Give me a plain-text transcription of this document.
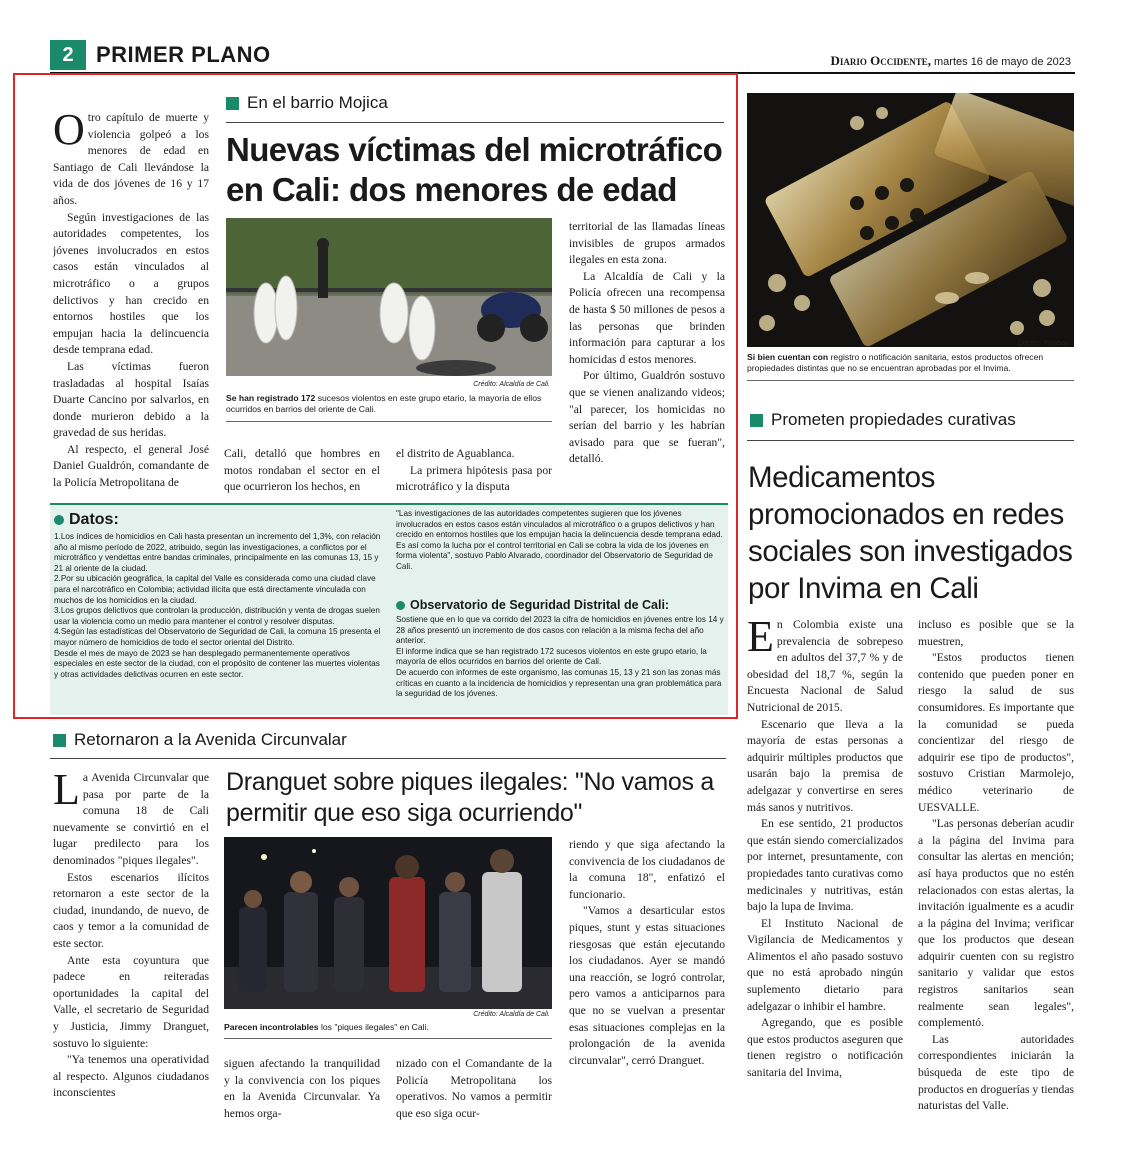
2	PRIMER PLANO	Diario Occidente, martes 16 de mayo de 2023
En el barrio Mojica
Nuevas víctimas del microtráfico
en Cali: dos menores de edad

Otro capítulo de muerte y violencia golpeó a los menores de edad en Santiago de Cali llevándose la vida de dos jóvenes de 16 y 17 años.

Según investigaciones de las autoridades competentes, los jóvenes involucrados en estos casos están vinculados al microtráfico o a grupos delictivos y han crecido en entornos hostiles que los empujan hacia la delincuencia desde temprana edad.

Las víctimas fueron trasladadas al hospital Isaías Duarte Cancino por salvarlos, en donde murieron debido a la gravedad de sus heridas.

Al respecto, el general José Daniel Gualdrón, comandante de la Policía Metropolitana de

Crédito: Alcaldía de Cali.
Se han registrado 172 sucesos violentos en este grupo etario, la mayoría de ellos ocurridos en barrios del oriente de Cali.

Cali, detalló que hombres en motos rondaban el sector en el que ocurrieron los hechos, en

el distrito de Aguablanca.

La primera hipótesis pasa por microtráfico y la disputa

territorial de las llamadas líneas invisibles de grupos armados ilegales en esta zona.

La Alcaldía de Cali y la Policía ofrecen una recompensa de hasta $ 50 millones de pesos a las personas que brinden información para capturar a los homicidas d estos menores.

Por último, Gualdrón sostuvo que se vienen analizando videos; "al parecer, los homicidas no serían del barrio y les habrían avisado para que se fueran", detalló.

Datos:
1.Los índices de homicidios en Cali hasta presentan un incremento del 1,3%, con relación año al mismo período de 2022, atribuido, según las investigaciones, a conflictos por el microtráfico y vendettas entre bandas criminales, principalmente en las comunas 13, 15 y 21 al oriente de la ciudad.
2.Por su ubicación geográfica, la capital del Valle es considerada como una ciudad clave para el narcotráfico en Colombia; actividad ilícita que está directamente vinculada con muchos de los homicidios en la ciudad.
3.Los grupos delictivos que controlan la producción, distribución y venta de drogas suelen usar la violencia como un medio para mantener el control y resolver disputas.
4.Según las estadísticas del Observatorio de Seguridad de Cali, la comuna 15 presenta el mayor número de homicidios de todo el sector oriental del Distrito.
Desde el mes de mayo de 2023 se han desplegado permanentemente operativos especiales en este sector de la ciudad, con el propósito de contener las muertes violentas y otras actividades delictivas ocurren en este sector.
"Las investigaciones de las autoridades competentes sugieren que los jóvenes involucrados en estos casos están vinculados al microtráfico o a grupos delictivos y han crecido en entornos hostiles que los empujan hacia la delincuencia desde temprana edad. Es así como la lucha por el control territorial en Cali se cobra la vida de los jóvenes en forma violenta", sostuvo Pablo Alvarado, coordinador del Observatorio de Seguridad de Cali.
Observatorio de Seguridad Distrital de Cali:
Sostiene que en lo que va corrido del 2023 la cifra de homicidios en jóvenes entre los 14 y 28 años presentó un incremento de dos casos con relación a la misma fecha del año anterior.
El informe indica que se han registrado 172 sucesos violentos en este grupo etario, la mayoría de ellos ocurridos en barrios del oriente de Cali.
De acuerdo con informes de este organismo, las comunas 15, 13 y 21 son las zonas más críticas en cuanto a la incidencia de homicidios y representan una gran problemática para la seguridad de los jóvenes.
Crédito: Pixabay.
Si bien cuentan con registro o notificación sanitaria, estos productos ofrecen propiedades distintas que no se encuentran aprobadas por el Invima.
Prometen propiedades curativas
Medicamentos promocionados en redes sociales son investigados por Invima en Cali

En Colombia existe una prevalencia de sobrepeso en adultos del 37,7 % y de obesidad del 18,7 %, según la Encuesta Nacional de Salud Nutricional de 2015.

Escenario que lleva a la mayoría de estas personas a adquirir múltiples productos que usarán bajo la premisa de adelgazar y convertirse en seres más sanos y nutritivos.

En ese sentido, 21 productos que están siendo comercializados por internet, presuntamente, con propiedades tanto curativas como medicinales y nutritivas, están bajo la lupa de Invima.

El Instituto Nacional de Vigilancia de Medicamentos y Alimentos el año pasado sostuvo que no está aprobado ningún suplemento dietario para adelgazar o inhibir el hambre.

Agregando, que es posible que estos productos aseguren que tienen registro o notificación sanitaria del Invima,

incluso es posible que se la muestren,

"Estos productos tienen contenido que pueden poner en riesgo la salud de sus consumidores. Es importante que la comunidad se pueda concientizar del riesgo de adquirir ese tipo de productos", sostuvo Cristian Marmolejo, médico veterinario de UESVALLE.

"Las personas deberían acudir a la página del Invima para consultar las alertas en mención; así haya productos que no estén relacionados con estas alertas, la invitación igualmente es a acudir a la página del Invima; verificar que los productos que desean adquirir cuenten con su registro sanitario y validar que estos registros sanitarios sean realmente sean legales", complementó.

Las autoridades correspondientes iniciarán la búsqueda de este tipo de productos en droguerías y tiendas naturistas del Valle.

Retornaron a la Avenida Circunvalar
Dranguet sobre piques ilegales: "No vamos a permitir que eso siga ocurriendo"

La Avenida Circunvalar que pasa por parte de la comuna 18 de Cali nuevamente se convirtió en el lugar predilecto para los denominados "piques ilegales".

Estos escenarios ilícitos retornaron a este sector de la ciudad, inundando, de nuevo, de caos y temor a la comunidad de este sector.

Ante esta coyuntura que padece en reiteradas oportunidades la capital del Valle, el secretario de Seguridad y Justicia, Jimmy Dranguet, sostuvo lo siguiente:

"Ya tenemos una operatividad al respecto. Algunos ciudadanos inconscientes

Crédito: Alcaldía de Cali.
Parecen incontrolables los "piques ilegales" en Cali.

siguen afectando la tranquilidad y la convivencia con los piques en la Avenida Circunvalar. Ya hemos orga-

nizado con el Comandante de la Policía Metropolitana los operativos. No vamos a permitir que eso siga ocur-

riendo y que siga afectando la convivencia de los ciudadanos de la comuna 18", enfatizó el funcionario.

"Vamos a desarticular estos piques, stunt y estas situaciones riesgosas que están ejecutando los ciudadanos. Ayer se mandó una reacción, se logró controlar, pero vamos a anticiparnos para que no se vuelvan a presentar esas situaciones complejas en la prolongación de la avenida circunvalar", cerró Dranguet.
